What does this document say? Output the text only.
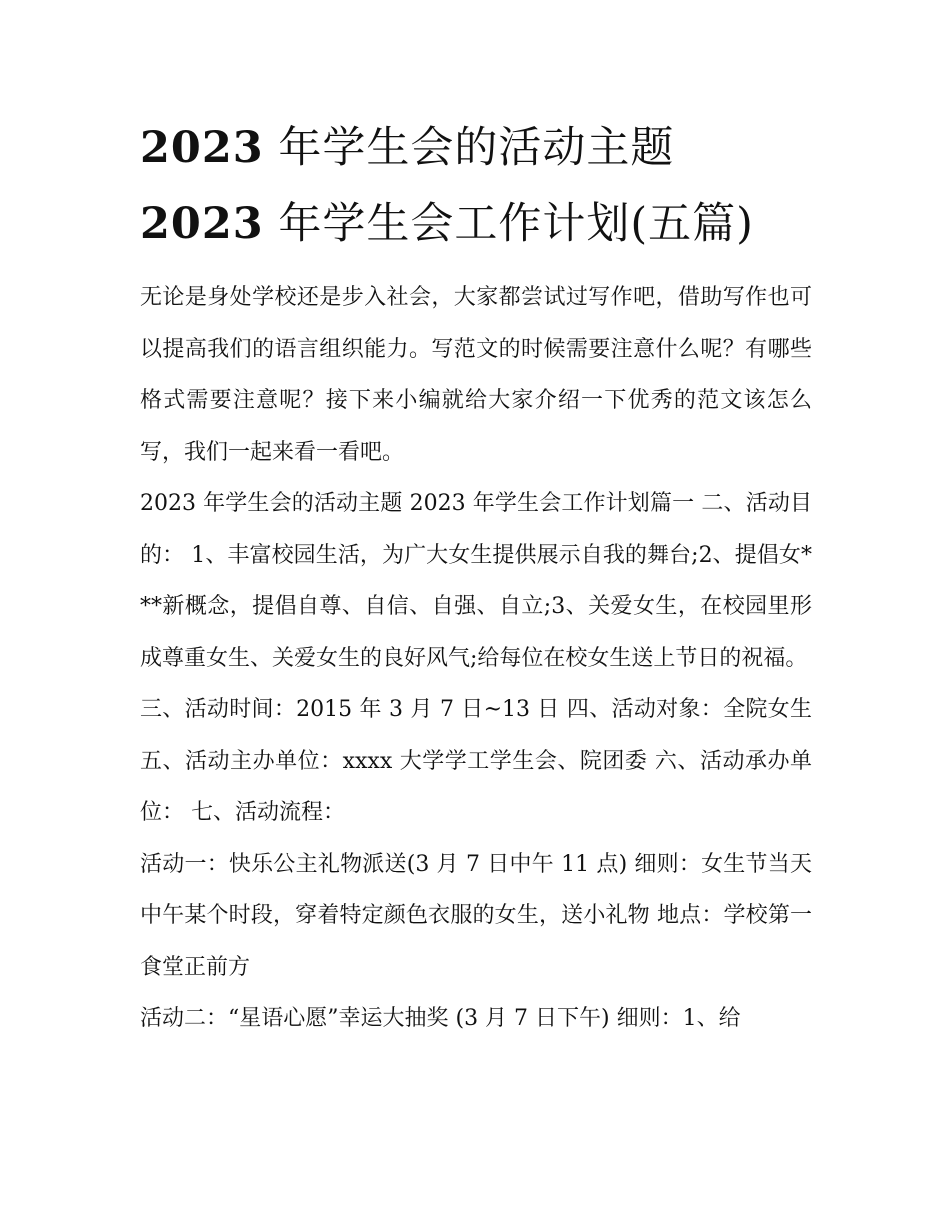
2023 年学生会的活动主题
2023 年学生会工作计划(五篇)

无论是身处学校还是步入社会，大家都尝试过写作吧，借助写作也可以提高我们的语言组织能力。写范文的时候需要注意什么呢？有哪些格式需要注意呢？接下来小编就给大家介绍一下优秀的范文该怎么写，我们一起来看一看吧。

2023 年学生会的活动主题 2023 年学生会工作计划篇一 二、活动目的： 1、丰富校园生活，为广大女生提供展示自我的舞台;2、提倡女***新概念，提倡自尊、自信、自强、自立;3、关爱女生，在校园里形成尊重女生、关爱女生的良好风气;给每位在校女生送上节日的祝福。

三、活动时间：2015 年 3 月 7 日~13 日 四、活动对象：全院女生 五、活动主办单位：xxxx 大学学工学生会、院团委 六、活动承办单位： 七、活动流程：

活动一：快乐公主礼物派送(3 月 7 日中午 11 点) 细则：女生节当天中午某个时段，穿着特定颜色衣服的女生，送小礼物 地点：学校第一食堂正前方

活动二：“星语心愿”幸运大抽奖 (3 月 7 日下午) 细则：1、给
